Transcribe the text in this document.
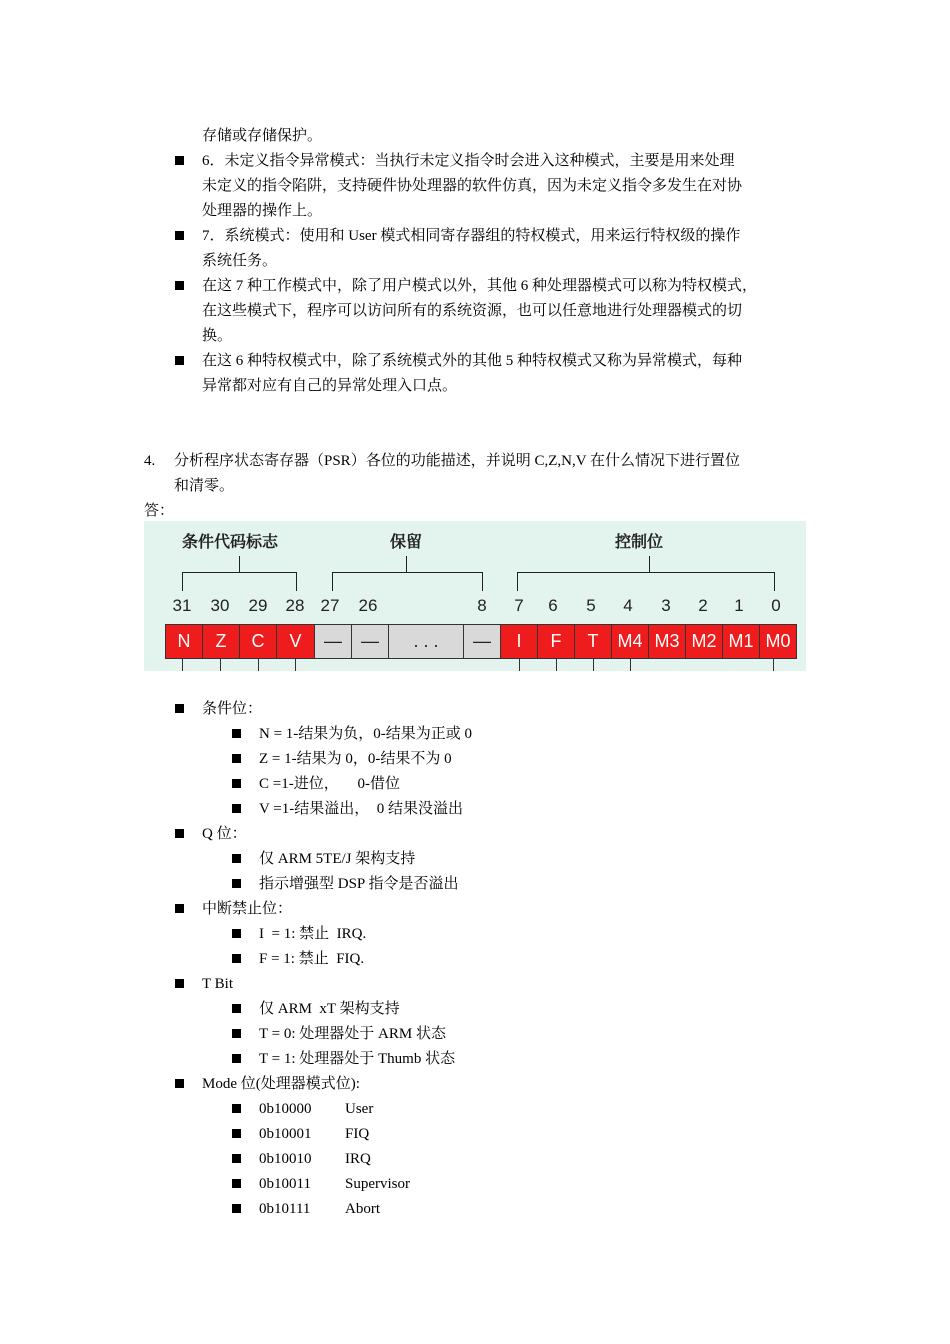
存储或存储保护。
6．未定义指令异常模式：当执行未定义指令时会进入这种模式，主要是用来处理
未定义的指令陷阱，支持硬件协处理器的软件仿真，因为未定义指令多发生在对协
处理器的操作上。
7．系统模式：使用和 User 模式相同寄存器组的特权模式，用来运行特权级的操作
系统任务。
在这 7 种工作模式中，除了用户模式以外，其他 6 种处理器模式可以称为特权模式，
在这些模式下，程序可以访问所有的系统资源，也可以任意地进行处理器模式的切
换。
在这 6 种特权模式中，除了系统模式外的其他 5 种特权模式又称为异常模式，每种
异常都对应有自己的异常处理入口点。
4. 分析程序状态寄存器（PSR）各位的功能描述，并说明 C,Z,N,V 在什么情况下进行置位
和清零。
答：
条件代码标志	保留	控制位
31 30 29 28 27 26	8 7 6 5 4 3 2 1 0
N	Z	C	V	—	—	. . .	—	I	F	T	M4 M3 M2 M1 M0
条件位：
N = 1-结果为负，0-结果为正或 0
Z = 1-结果为 0，0-结果不为 0
C =1-进位，     0-借位
V =1-结果溢出，  0 结果没溢出
Q 位：
仅 ARM 5TE/J 架构支持
指示增强型 DSP 指令是否溢出
中断禁止位：
I  = 1: 禁止  IRQ.
F = 1: 禁止  FIQ.
T Bit
仅 ARM  xT 架构支持
T = 0: 处理器处于 ARM 状态
T = 1: 处理器处于 Thumb 状态
Mode 位(处理器模式位):
0b10000 User
0b10001 FIQ
0b10010 IRQ
0b10011 Supervisor
0b10111 Abort
